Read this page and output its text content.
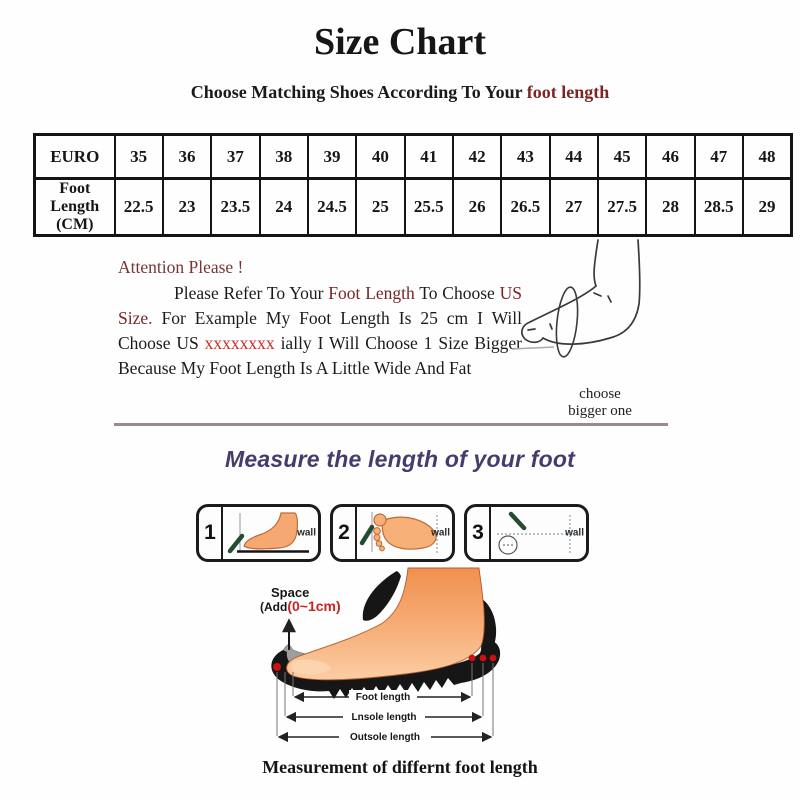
Size Chart
Choose Matching Shoes According To Your foot length
EURO	35	36	37	38	39	40	41	42	43	44	45	46	47	48
Foot Length (CM)	22.5	23	23.5	24	24.5	25	25.5	26	26.5	27	27.5	28	28.5	29
Attention Please !

Please Refer To Your Foot Length To Choose US Size. For Example My Foot Length Is 25 cm I Will Choose US xxxxxxxx ially I Will Choose 1 Size Bigger Because My Foot Length Is A Little Wide And Fat

choose
bigger one
Measure the length of your foot
1	wall 2	wall 3	wall
Foot length
Lnsole length
Outsole length
Space
(Add(0~1cm)
Measurement of differnt foot length
